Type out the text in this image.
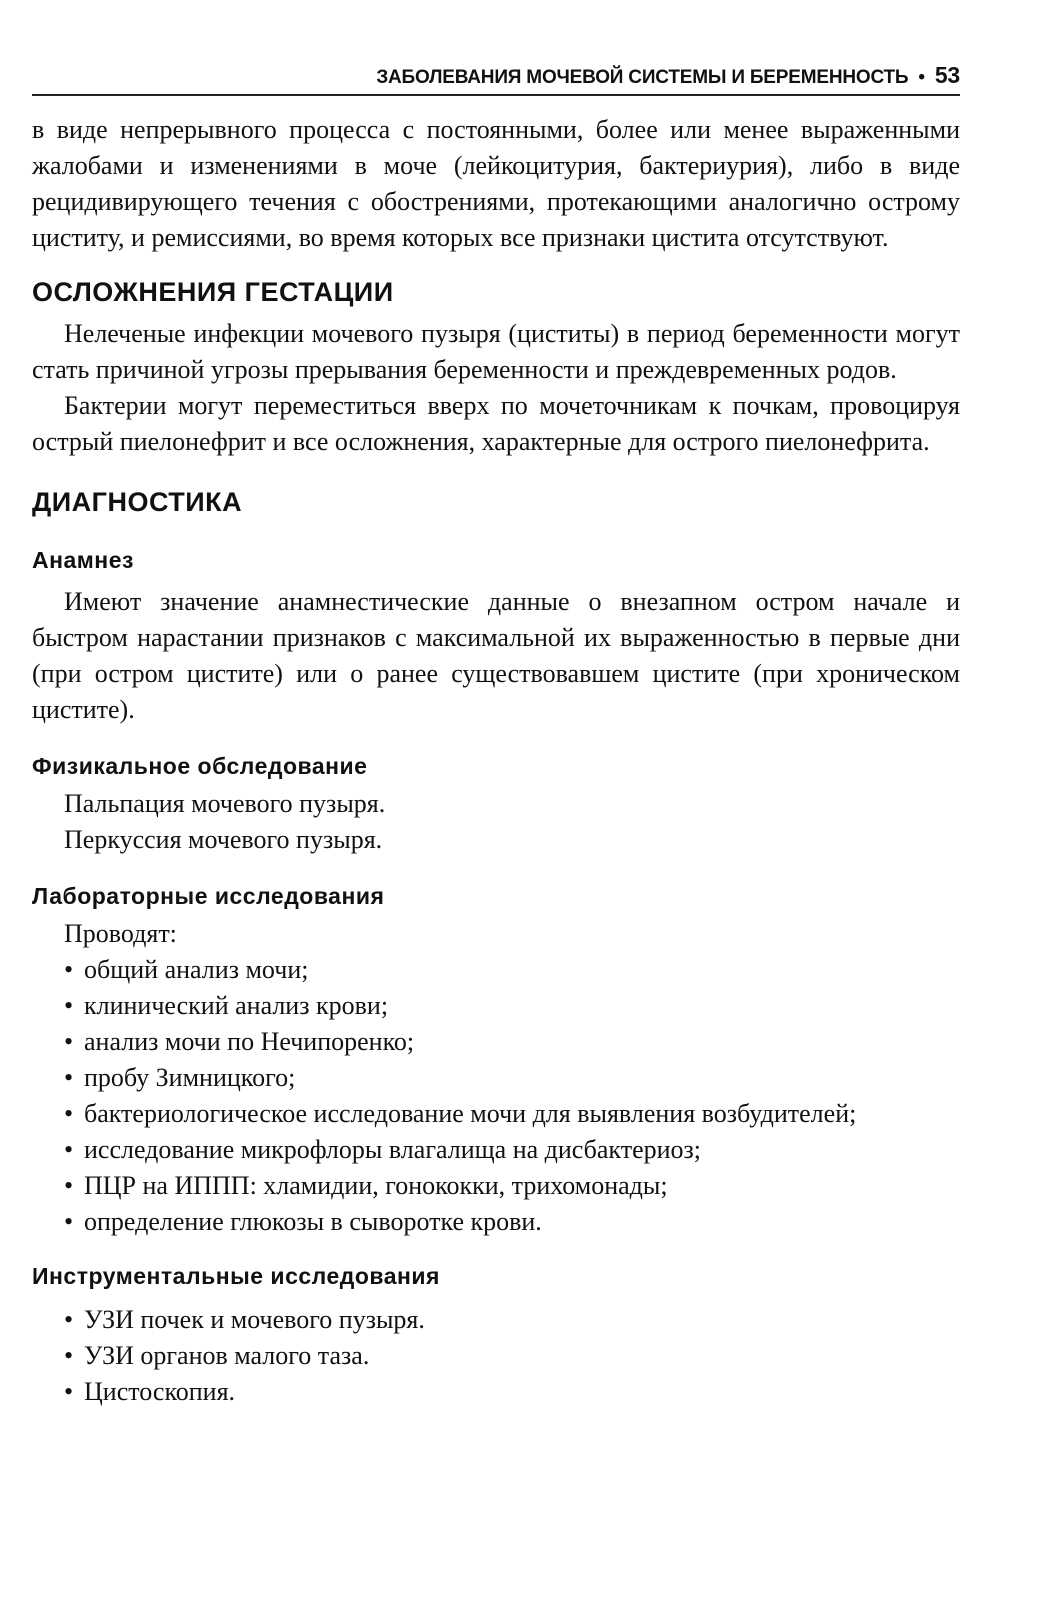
ЗАБОЛЕВАНИЯ МОЧЕВОЙ СИСТЕМЫ И БЕРЕМЕННОСТЬ • 53

в виде непрерывного процесса с постоянными, более или менее выраженными жалобами и изменениями в моче (лейкоцитурия, бактериурия), либо в виде рецидивирующего течения с обострениями, протекающими аналогично острому циститу, и ремиссиями, во время которых все признаки цистита отсутствуют.

ОСЛОЖНЕНИЯ ГЕСТАЦИИ

Нелеченые инфекции мочевого пузыря (циститы) в период беременности могут стать причиной угрозы прерывания беременности и преждевременных родов.

Бактерии могут переместиться вверх по мочеточникам к почкам, провоцируя острый пиелонефрит и все осложнения, характерные для острого пиелонефрита.

ДИАГНОСТИКА
Анамнез

Имеют значение анамнестические данные о внезапном остром начале и быстром нарастании признаков с максимальной их выраженностью в первые дни (при остром цистите) или о ранее существовавшем цистите (при хроническом цистите).

Физикальное обследование
Пальпация мочевого пузыря.
Перкуссия мочевого пузыря.
Лабораторные исследования
Проводят:
• общий анализ мочи;
• клинический анализ крови;
• анализ мочи по Нечипоренко;
• пробу Зимницкого;
• бактериологическое исследование мочи для выявления возбудителей;
• исследование микрофлоры влагалища на дисбактериоз;
• ПЦР на ИППП: хламидии, гонококки, трихомонады;
• определение глюкозы в сыворотке крови.
Инструментальные исследования
• УЗИ почек и мочевого пузыря.
• УЗИ органов малого таза.
• Цистоскопия.
